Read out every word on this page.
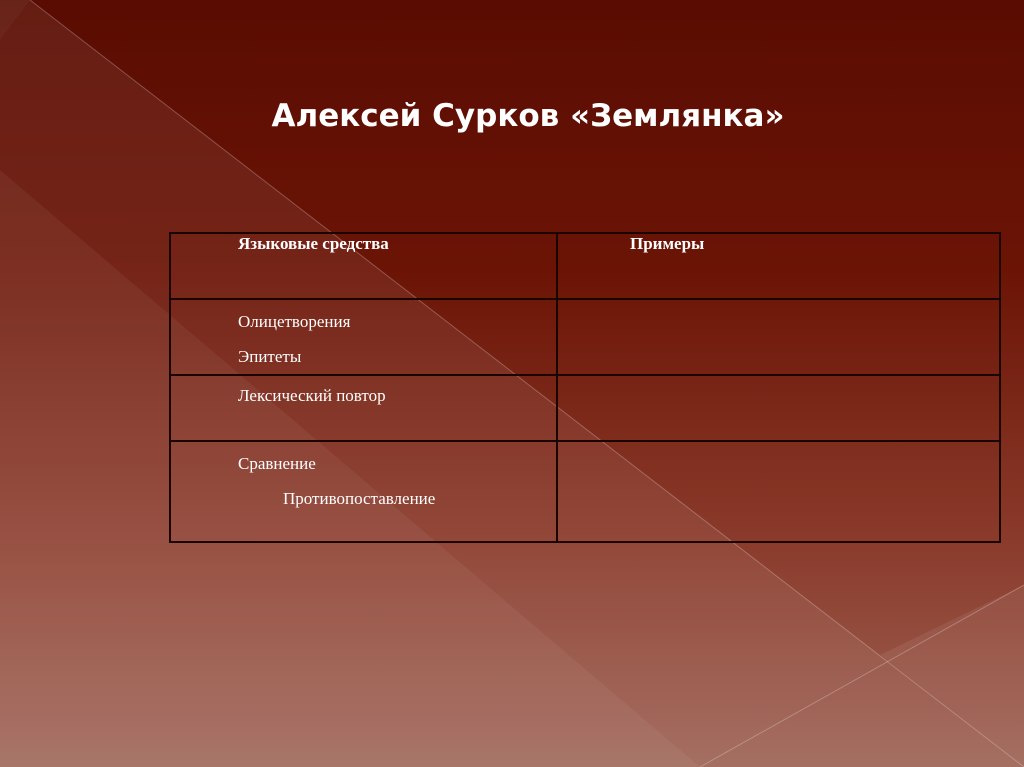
Алексей Сурков «Землянка»
Языковые средства	Примеры

Олицетворения
Эпитеты	

Лексический повтор	

Сравнение
Противопоставление	
